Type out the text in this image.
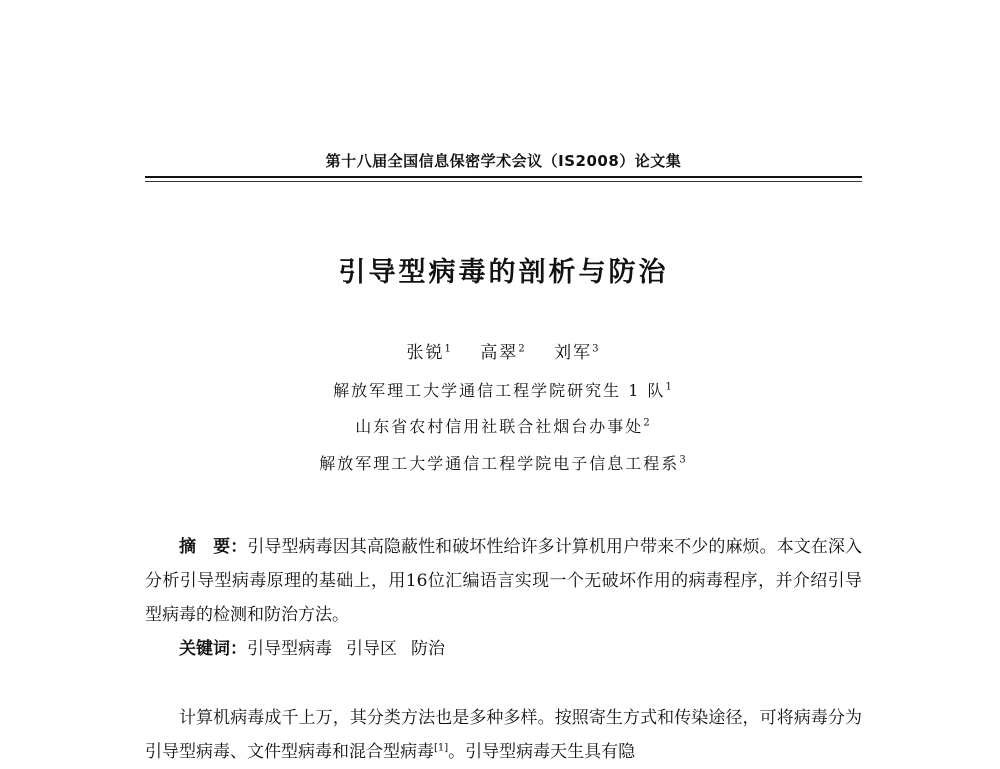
第十八届全国信息保密学术会议（IS2008）论文集
引导型病毒的剖析与防治
张锐$^1$ 高翠$^2$ 刘军$^3$
解放军理工大学通信工程学院研究生 1 队$^1$
山东省农村信用社联合社烟台办事处$^2$
解放军理工大学通信工程学院电子信息工程系$^3$

摘　要：引导型病毒因其高隐蔽性和破坏性给许多计算机用户带来不少的麻烦。本文在深入分析引导型病毒原理的基础上，用16位汇编语言实现一个无破坏作用的病毒程序，并介绍引导型病毒的检测和防治方法。

关键词：引导型病毒 引导区 防治

计算机病毒成千上万，其分类方法也是多种多样。按照寄生方式和传染途径，可将病毒分为引导型病毒、文件型病毒和混合型病毒[1]。引导型病毒天生具有隐
